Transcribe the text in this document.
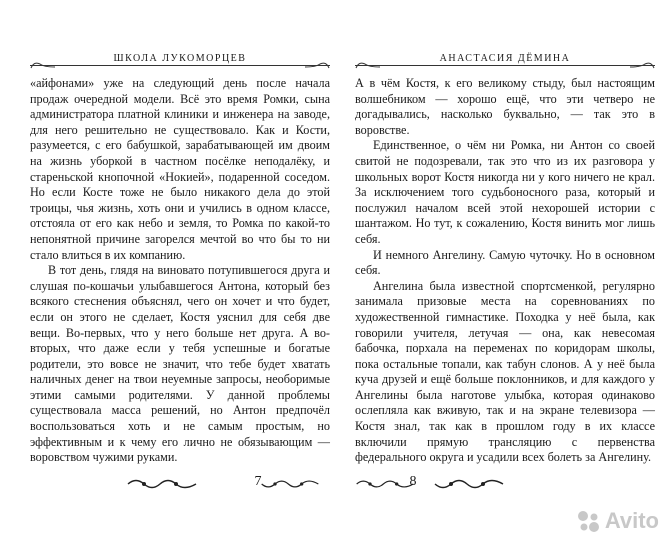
ШКОЛА ЛУКОМОРЦЕВ

«айфонами» уже на следующий день после начала продаж очередной модели. Всё это время Ромки, сына администратора платной клиники и инженера на заводе, для него решительно не существовало. Как и Кости, разумеется, с его бабушкой, зарабатывающей им двоим на жизнь уборкой в частном посёлке неподалёку, и стареньской кнопочной «Нокией», подаренной соседом. Но если Косте тоже не было никакого дела до этой троицы, чья жизнь, хоть они и учились в одном классе, отстояла от его как небо и земля, то Ромка по какой-то непонятной причине загорелся мечтой во что бы то ни стало влиться в их компанию.

В тот день, глядя на виновато потупившегося друга и слушая по-кошачьи улыбавшегося Антона, который без всякого стеснения объяснял, чего он хочет и что будет, если он этого не сделает, Костя уяснил для себя две вещи. Во-первых, что у него больше нет друга. А во-вторых, что даже если у тебя успешные и богатые родители, это вовсе не значит, что тебе будет хватать наличных денег на твои неуемные запросы, необоримые этими самыми родителями. У данной проблемы существовала масса решений, но Антон предпочёл воспользоваться хоть и не самым простым, но эффективным и к чему его лично не обязывающим — воровством чужими руками.

7
АНАСТАСИЯ ДЁМИНА

А в чём Костя, к его великому стыду, был настоящим волшебником — хорошо ещё, что эти четверо не догадывались, насколько буквально, — так это в воровстве.

Единственное, о чём ни Ромка, ни Антон со своей свитой не подозревали, так это что из их разговора у школьных ворот Костя никогда ни у кого ничего не крал. За исключением того судьбоносного раза, который и послужил началом всей этой нехорошей истории с шантажом. Но тут, к сожалению, Костя винить мог лишь себя.

И немного Ангелину. Самую чуточку. Но в основном себя.

Ангелина была известной спортсменкой, регулярно занимала призовые места на соревнованиях по художественной гимнастике. Походка у неё была, как говорили учителя, летучая — она, как невесомая бабочка, порхала на переменах по коридорам школы, пока остальные топали, как табун слонов. А у неё была куча друзей и ещё больше поклонников, и для каждого у Ангелины была наготове улыбка, которая одинаково ослепляла как вживую, так и на экране телевизора — Костя знал, так как в прошлом году в их классе включили прямую трансляцию с первенства федерального округа и усадили всех болеть за Ангелину.

8
Avito
